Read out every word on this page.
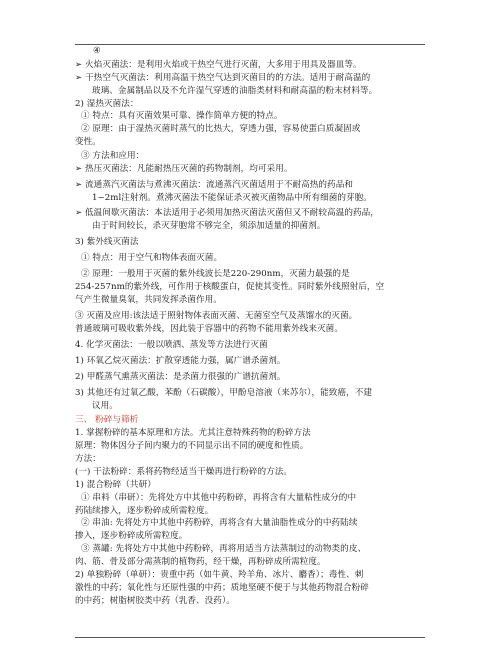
④
➢ 火焰灭菌法：是利用火焰或干热空气进行灭菌，大多用于用具及器皿等。
➢ 干热空气灭菌法：利用高温干热空气达到灭菌目的的方法。适用于耐高温的
玻璃、金属制品以及不允许湿气穿透的油脂类材料和耐高温的粉末材料等。
2) 湿热灭菌法：
① 特点：具有灭菌效果可靠、操作简单方便的特点。
② 原理：由于湿热灭菌时蒸气的比热大，穿透力强，容易使蛋白质凝固或
变性。
③ 方法和应用：
➢ 热压灭菌法：凡能耐热压灭菌的药物制剂，均可采用。
➢ 流通蒸汽灭菌法与煮沸灭菌法：流通蒸汽灭菌适用于不耐高热的药品和
1~2ml注射剂。煮沸灭菌法不能保证杀灭被灭菌物品中所有细菌的芽胞。
➢ 低温间歇灭菌法：本法适用于必须用加热灭菌法灭菌但又不耐较高温的药品，
由于时间较长，杀灭芽胞常不够完全，须添加适量的抑菌剂。
3) 紫外线灭菌法
① 特点：用于空气和物体表面灭菌。
② 原理：一般用于灭菌的紫外线波长是220-290nm，灭菌力最强的是
254-257nm的紫外线，可作用于核酸蛋白，促使其变性。同时紫外线照射后，空
气产生微量臭氧，共同发挥杀菌作用。
③ 灭菌及应用:该法适于照射物体表面灭菌、无菌室空气及蒸馏水的灭菌。
普通玻璃可吸收紫外线，因此装于容器中的药物不能用紫外线来灭菌。
4. 化学灭菌法：一般以喷洒、蒸发等方法进行灭菌
1) 环氧乙烷灭菌法：扩散穿透能力强，属广谱杀菌剂。
2) 甲醛蒸气熏蒸灭菌法：是杀菌力很强的广谱抗菌剂。
3) 其他还有过氧乙酸，苯酚（石碳酸），甲酚皂溶液（来苏尔），能致癌，不建
议用。
三、 粉碎与筛析
1. 掌握粉碎的基本原理和方法。尤其注意特殊药物的粉碎方法
原理：物体因分子间内聚力的不同显示出不同的硬度和性质。
方法：
(一) 干法粉碎：系将药物经适当干燥再进行粉碎的方法。
1) 混合粉碎（共研）
① 串料（串研）：先将处方中其他中药粉碎，再将含有大量粘性成分的中
药陆续掺入，逐步粉碎成所需粒度。
② 串油: 先将处方中其他中药粉碎，再将含有大量油脂性成分的中药陆续
掺入，逐步粉碎成所需粒度。
③ 蒸罐: 先将处方中其他中药粉碎，再将用适当方法蒸制过的动物类的皮、
肉、筋、骨及部分需蒸制的植物药，经干燥，再粉碎成所需粒度。
2) 单独粉碎（单研）：贵重中药（如牛黄、羚羊角、冰片、麝香）；毒性、刺
激性的中药；氧化性与还原性强的中药；质地坚硬不便于与其他药物混合粉碎
的中药；树脂树胶类中药（乳香、没药）。
